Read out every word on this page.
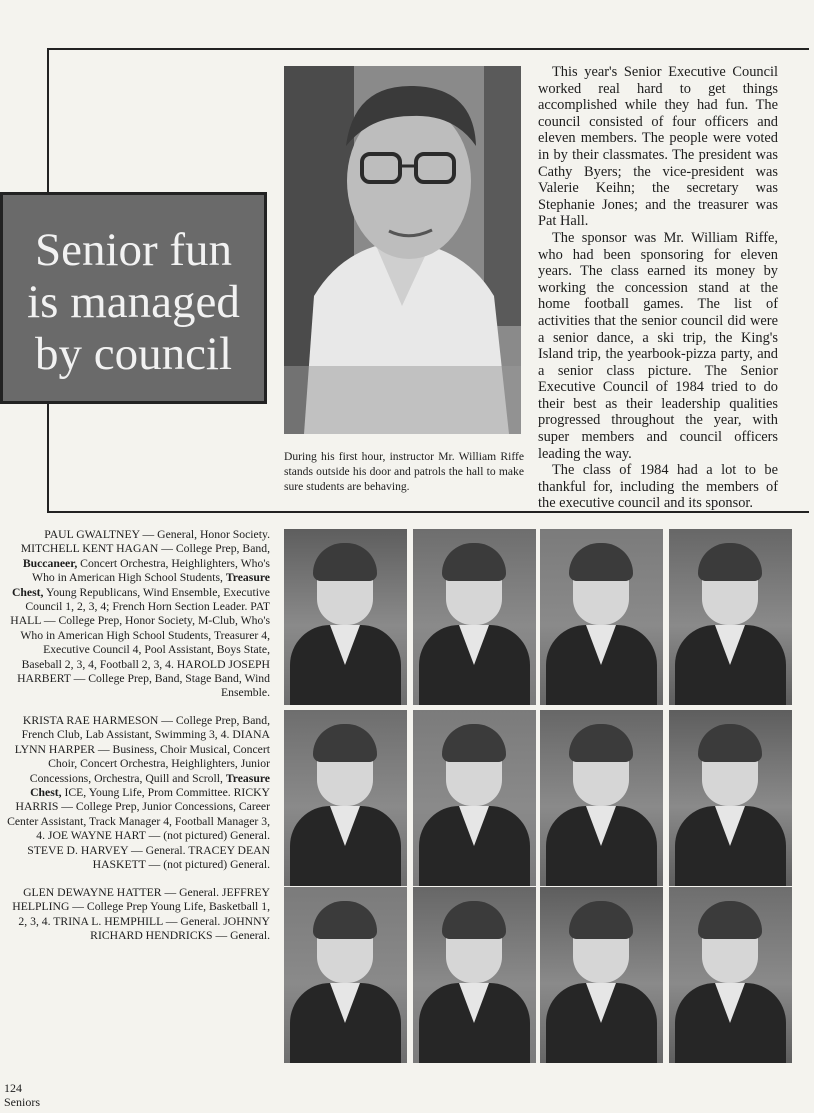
Senior fun
is managed
by council
During his first hour, instructor Mr. William Riffe stands outside his door and patrols the hall to make sure students are behaving.

This year's Senior Executive Council worked real hard to get things accomplished while they had fun. The council consisted of four officers and eleven members. The people were voted in by their classmates. The president was Cathy Byers; the vice-president was Valerie Keihn; the secretary was Stephanie Jones; and the treasurer was Pat Hall.

The sponsor was Mr. William Riffe, who had been sponsoring for eleven years. The class earned its money by working the concession stand at the home football games. The list of activities that the senior council did were a senior dance, a ski trip, the King's Island trip, the yearbook-pizza party, and a senior class picture. The Senior Executive Council of 1984 tried to do their best as their leadership qualities progressed throughout the year, with super members and council officers leading the way.

The class of 1984 had a lot to be thankful for, including the members of the executive council and its sponsor.

PAUL GWALTNEY — General, Honor Society. MITCHELL KENT HAGAN — College Prep, Band, Buccaneer, Concert Orchestra, Heighlighters, Who's Who in American High School Students, Treasure Chest, Young Republicans, Wind Ensemble, Executive Council 1, 2, 3, 4; French Horn Section Leader. PAT HALL — College Prep, Honor Society, M-Club, Who's Who in American High School Students, Treasurer 4, Executive Council 4, Pool Assistant, Boys State, Baseball 2, 3, 4, Football 2, 3, 4. HAROLD JOSEPH HARBERT — College Prep, Band, Stage Band, Wind Ensemble.
KRISTA RAE HARMESON — College Prep, Band, French Club, Lab Assistant, Swimming 3, 4. DIANA LYNN HARPER — Business, Choir Musical, Concert Choir, Concert Orchestra, Heighlighters, Junior Concessions, Orchestra, Quill and Scroll, Treasure Chest, ICE, Young Life, Prom Committee. RICKY HARRIS — College Prep, Junior Concessions, Career Center Assistant, Track Manager 4, Football Manager 3, 4. JOE WAYNE HART — (not pictured) General. STEVE D. HARVEY — General. TRACEY DEAN HASKETT — (not pictured) General.
GLEN DEWAYNE HATTER — General. JEFFREY HELPLING — College Prep Young Life, Basketball 1, 2, 3, 4. TRINA L. HEMPHILL — General. JOHNNY RICHARD HENDRICKS — General.
124
Seniors
